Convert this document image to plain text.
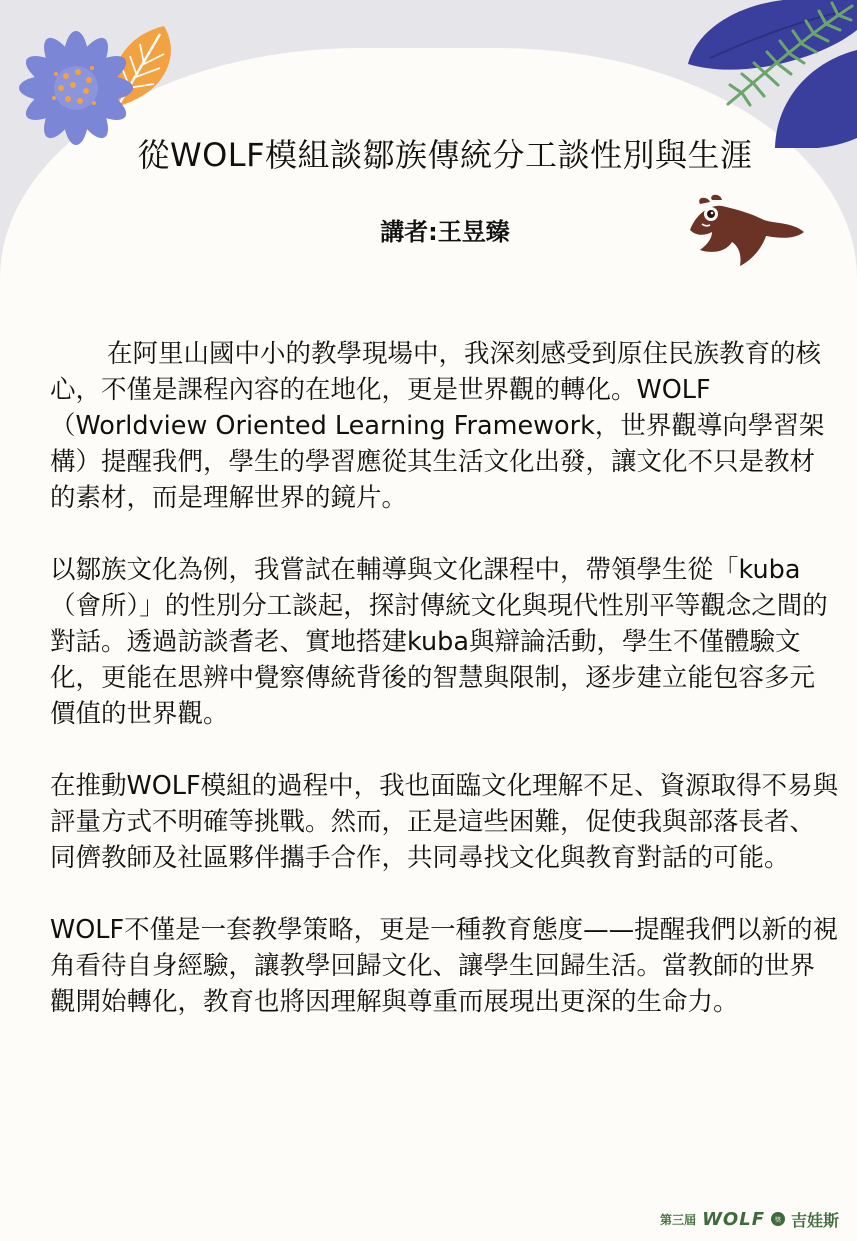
從WOLF模組談鄒族傳統分工談性別與生涯
講者:王昱臻

在阿里山國中小的教學現場中，我深刻感受到原住民族教育的核心，不僅是課程內容的在地化，更是世界觀的轉化。WOLF（Worldview Oriented Learning Framework，世界觀導向學習架構）提醒我們，學生的學習應從其生活文化出發，讓文化不只是教材的素材，而是理解世界的鏡片。

以鄒族文化為例，我嘗試在輔導與文化課程中，帶領學生從「kuba（會所）」的性別分工談起，探討傳統文化與現代性別平等觀念之間的對話。透過訪談耆老、實地搭建kuba與辯論活動，學生不僅體驗文化，更能在思辨中覺察傳統背後的智慧與限制，逐步建立能包容多元價值的世界觀。

在推動WOLF模組的過程中，我也面臨文化理解不足、資源取得不易與評量方式不明確等挑戰。然而，正是這些困難，促使我與部落長者、同儕教師及社區夥伴攜手合作，共同尋找文化與教育對話的可能。

WOLF不僅是一套教學策略，更是一種教育態度——提醒我們以新的視角看待自身經驗，讓教學回歸文化、讓學生回歸生活。當教師的世界觀開始轉化，教育也將因理解與尊重而展現出更深的生命力。

第三屆 WOLF	獎 吉娃斯
